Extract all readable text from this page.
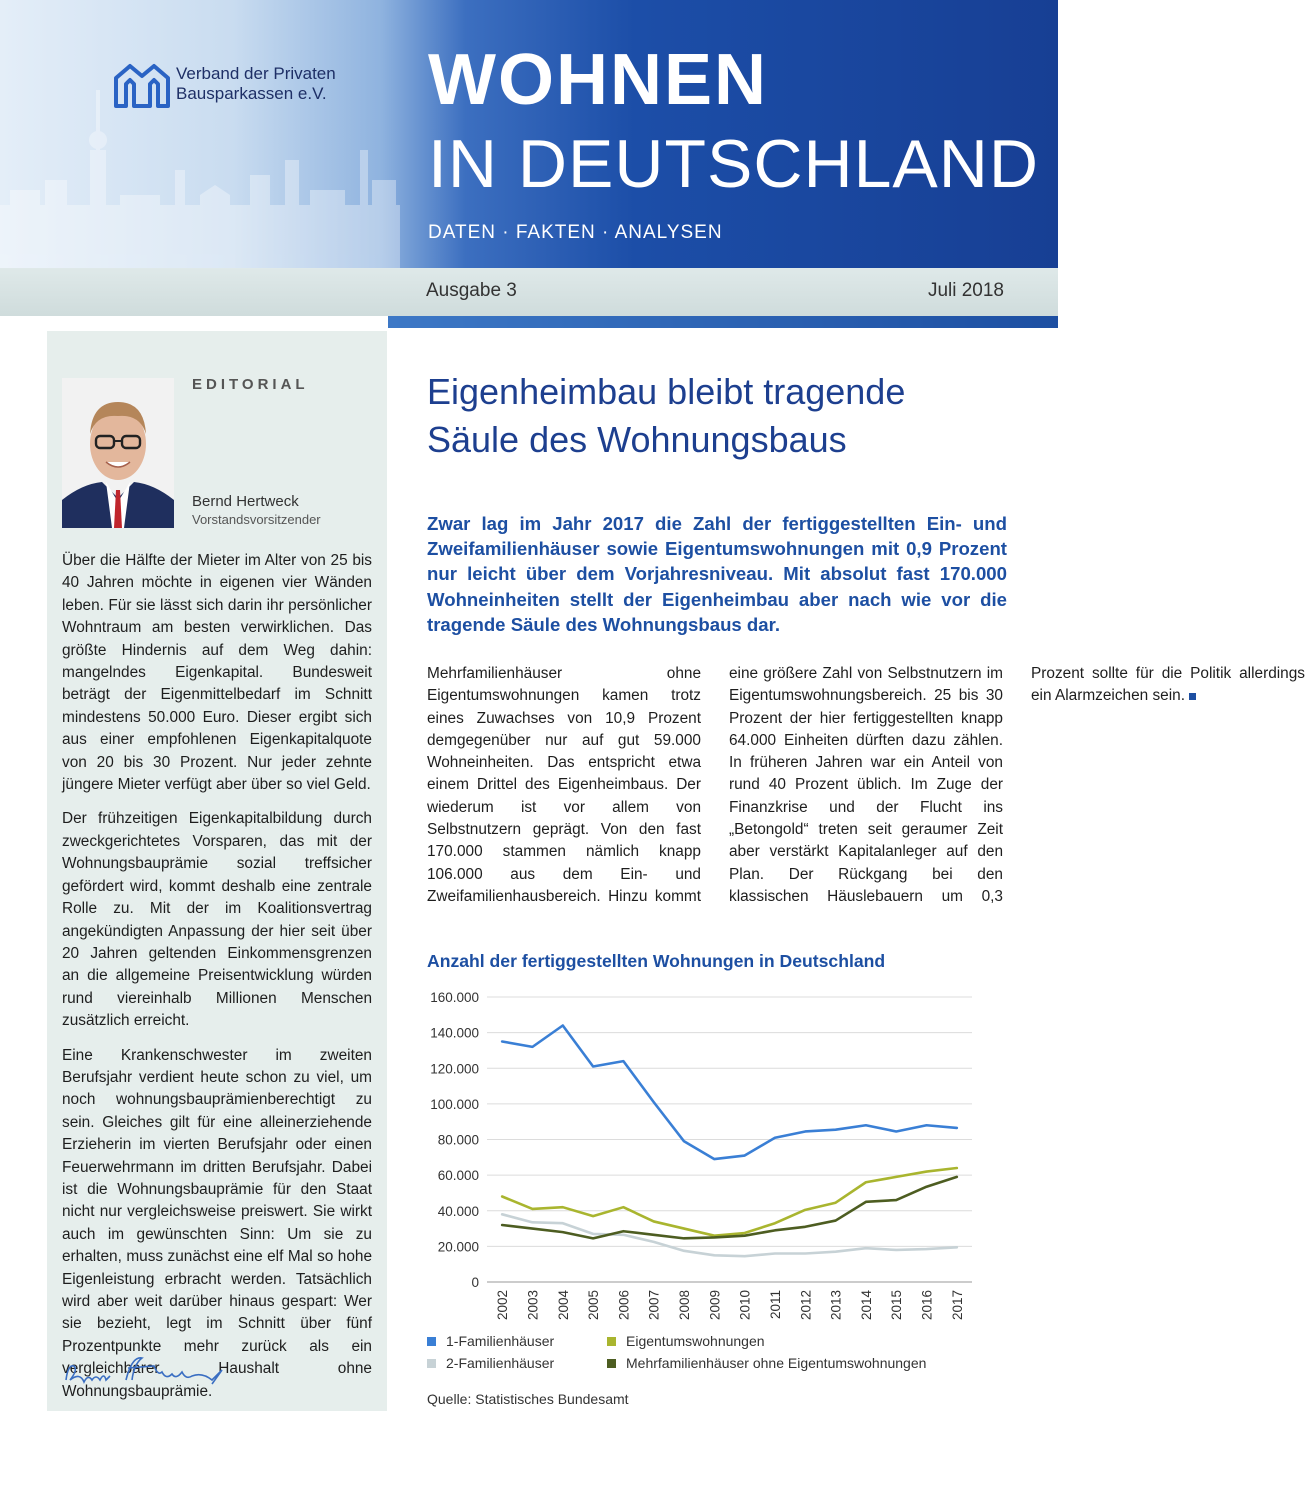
Verband der Privaten
Bausparkassen e.V. WOHNEN
IN DEUTSCHLAND
DATEN · FAKTEN · ANALYSEN
Ausgabe 3	Juli 2018
EDITORIAL
Bernd Hertweck
Vorstandsvorsitzender

Über die Hälfte der Mieter im Alter von 25 bis 40 Jahren möchte in eigenen vier Wänden leben. Für sie lässt sich darin ihr persönlicher Wohntraum am besten verwirklichen. Das größte Hindernis auf dem Weg dahin: mangelndes Eigenkapital. Bundesweit beträgt der Eigenmittelbedarf im Schnitt mindestens 50.000 Euro. Dieser ergibt sich aus einer empfohlenen Eigenkapitalquote von 20 bis 30 Prozent. Nur jeder zehnte jüngere Mieter verfügt aber über so viel Geld.

Der frühzeitigen Eigenkapitalbildung durch zweckgerichtetes Vorsparen, das mit der Wohnungsbauprämie sozial treffsicher gefördert wird, kommt deshalb eine zentrale Rolle zu. Mit der im Koalitionsvertrag angekündigten Anpassung der hier seit über 20 Jahren geltenden Einkommensgrenzen an die allgemeine Preisentwicklung würden rund viereinhalb Millionen Menschen zusätzlich erreicht.

Eine Krankenschwester im zweiten Berufsjahr verdient heute schon zu viel, um noch wohnungsbauprämienberechtigt zu sein. Gleiches gilt für eine alleinerziehende Erzieherin im vierten Berufsjahr oder einen Feuerwehrmann im dritten Berufsjahr. Dabei ist die Wohnungsbauprämie für den Staat nicht nur vergleichsweise preiswert. Sie wirkt auch im gewünschten Sinn: Um sie zu erhalten, muss zunächst eine elf Mal so hohe Eigenleistung erbracht werden. Tatsächlich wird aber weit darüber hinaus gespart: Wer sie bezieht, legt im Schnitt über fünf Prozentpunkte mehr zurück als ein vergleichbarer Haushalt ohne Wohnungsbauprämie.

Eigenheimbau bleibt tragende
Säule des Wohnungsbaus
Zwar lag im Jahr 2017 die Zahl der fertiggestellten Ein- und Zweifamilienhäuser sowie Eigentumswohnungen mit 0,9 Prozent nur leicht über dem Vorjahresniveau. Mit absolut fast 170.000 Wohneinheiten stellt der Eigenheimbau aber nach wie vor die tragende Säule des Wohnungsbaus dar.
Mehrfamilienhäuser ohne Eigentumswohnungen kamen trotz eines Zuwachses von 10,9 Prozent demgegenüber nur auf gut 59.000 Wohneinheiten. Das entspricht etwa einem Drittel des Eigenheimbaus. Der wiederum ist vor allem von Selbstnutzern geprägt. Von den fast 170.000 stammen nämlich knapp 106.000 aus dem Ein- und Zweifamilienhausbereich. Hinzu kommt eine größere Zahl von Selbstnutzern im Eigentumswohnungsbereich. 25 bis 30 Prozent der hier fertiggestellten knapp 64.000 Einheiten dürften dazu zählen. In früheren Jahren war ein Anteil von rund 40 Prozent üblich. Im Zuge der Finanzkrise und der Flucht ins „Betongold“ treten seit geraumer Zeit aber verstärkt Kapitalanleger auf den Plan. Der Rückgang bei den klassischen Häuslebauern um 0,3 Prozent sollte für die Politik allerdings ein Alarmzeichen sein.
Anzahl der fertiggestellten Wohnungen in Deutschland
0
20.000
40.000
60.000
80.000
100.000
120.000
140.000
160.000
2002 2003 2004 2005 2006 2007 2008 2009 2010 2011 2012 2013 2014 2015 2016 2017
1-Familienhäuser	Eigentumswohnungen
2-Familienhäuser	Mehrfamilienhäuser ohne Eigentumswohnungen
Quelle: Statistisches Bundesamt
